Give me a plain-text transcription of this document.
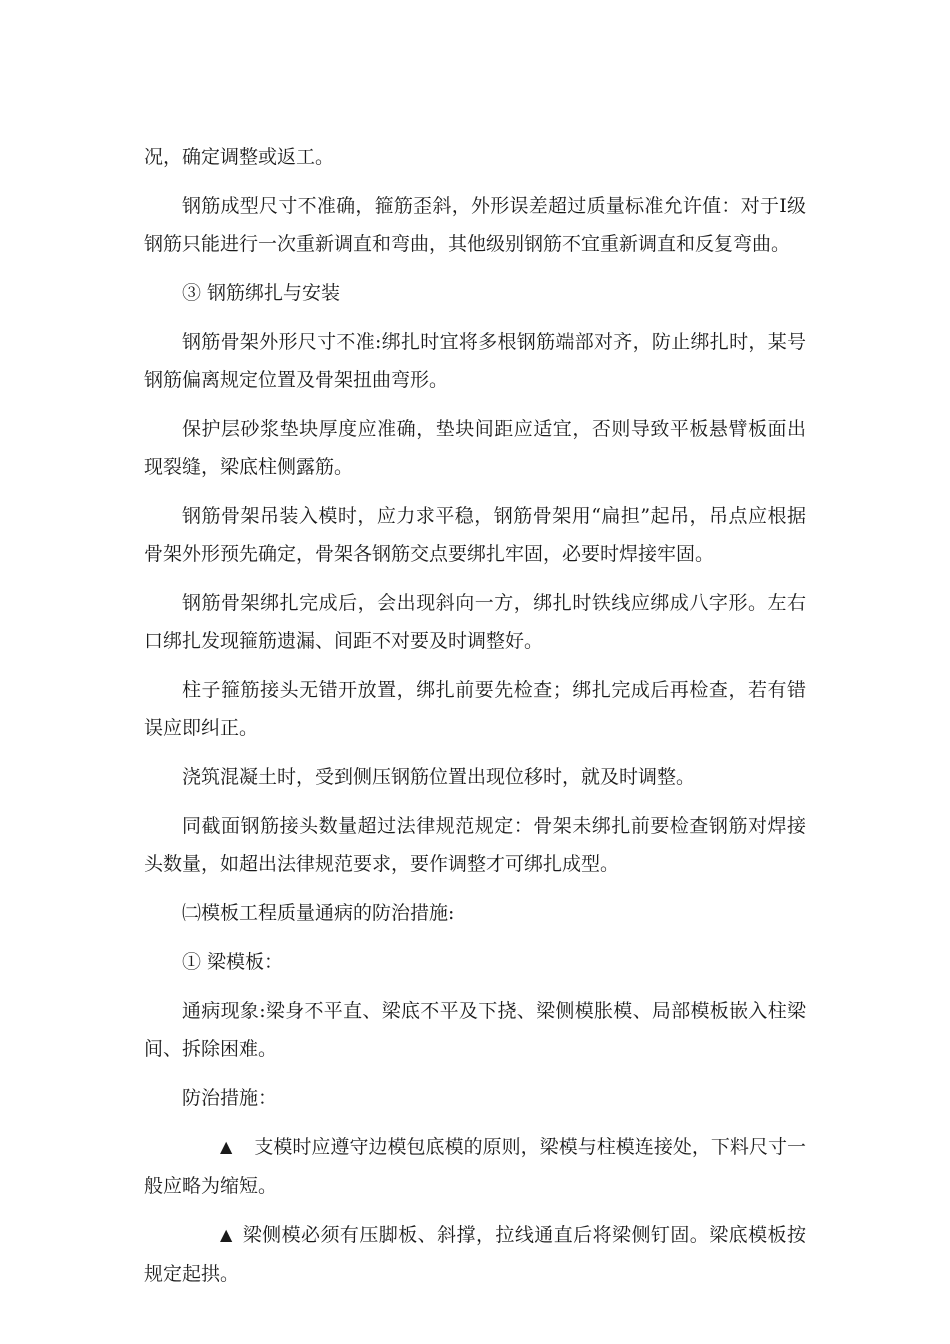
况，确定调整或返工。

钢筋成型尺寸不准确，箍筋歪斜，外形误差超过质量标准允许值：对于Ⅰ级钢筋只能进行一次重新调直和弯曲，其他级别钢筋不宜重新调直和反复弯曲。

③ 钢筋绑扎与安装

钢筋骨架外形尺寸不准:绑扎时宜将多根钢筋端部对齐，防止绑扎时，某号钢筋偏离规定位置及骨架扭曲弯形。

保护层砂浆垫块厚度应准确，垫块间距应适宜，否则导致平板悬臂板面出现裂缝，梁底柱侧露筋。

钢筋骨架吊装入模时，应力求平稳，钢筋骨架用“扁担”起吊，吊点应根据骨架外形预先确定，骨架各钢筋交点要绑扎牢固，必要时焊接牢固。

钢筋骨架绑扎完成后，会出现斜向一方，绑扎时铁线应绑成八字形。左右口绑扎发现箍筋遗漏、间距不对要及时调整好。

柱子箍筋接头无错开放置，绑扎前要先检查；绑扎完成后再检查，若有错误应即纠正。

浇筑混凝土时，受到侧压钢筋位置出现位移时，就及时调整。

同截面钢筋接头数量超过法律规范规定：骨架未绑扎前要检查钢筋对焊接头数量，如超出法律规范要求，要作调整才可绑扎成型。

㈡模板工程质量通病的防治措施:

① 梁模板：

通病现象:梁身不平直、梁底不平及下挠、梁侧模胀模、局部模板嵌入柱梁间、拆除困难。

防治措施：

▲ 支模时应遵守边模包底模的原则，梁模与柱模连接处，下料尺寸一般应略为缩短。

▲ 梁侧模必须有压脚板、斜撑，拉线通直后将梁侧钉固。梁底模板按规定起拱。
